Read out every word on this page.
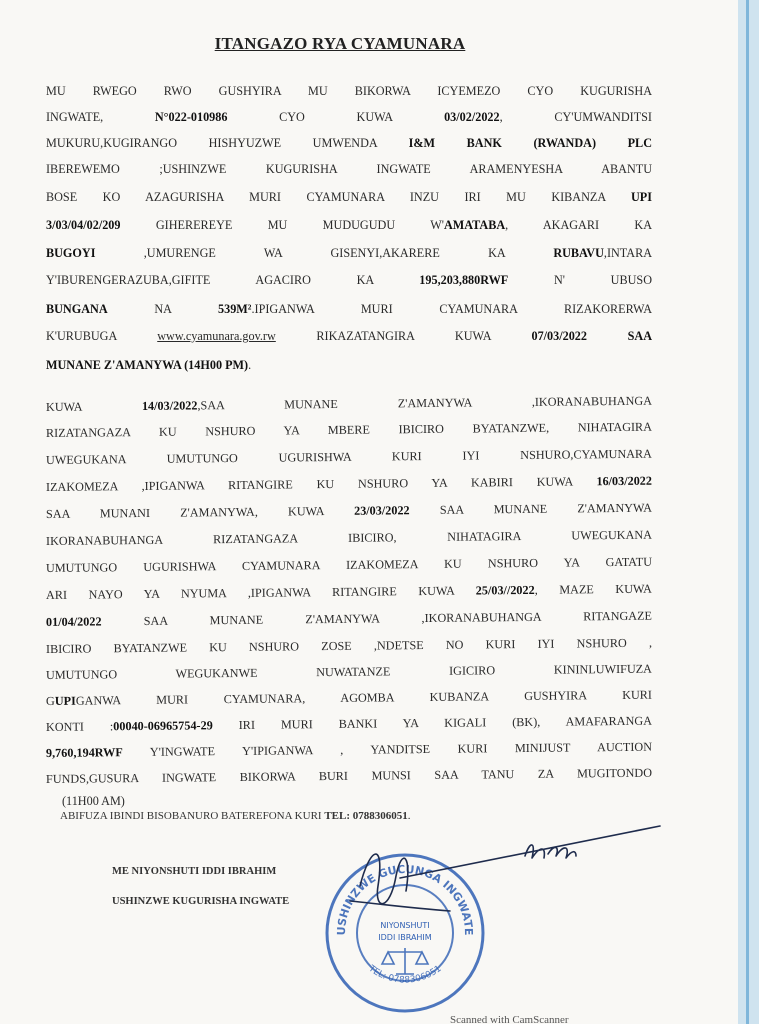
ITANGAZO RYA CYAMUNARA

MU RWEGO RWO GUSHYIRA MU BIKORWA ICYEMEZO CYO KUGURISHA

INGWATE, N°022-010986 CYO KUWA 03/02/2022, CY'UMWANDITSI

MUKURU,KUGIRANGO HISHYUZWE UMWENDA I&M BANK (RWANDA) PLC

IBEREWEMO ;USHINZWE KUGURISHA INGWATE ARAMENYESHA ABANTU

BOSE KO AZAGURISHA MURI CYAMUNARA INZU IRI MU KIBANZA UPI

3/03/04/02/209 GIHEREREYE MU MUDUGUDU W'AMATABA, AKAGARI KA

BUGOYI ,UMURENGE WA GISENYI,AKARERE KA RUBAVU,INTARA

Y'IBURENGERAZUBA,GIFITE AGACIRO KA 195,203,880RWF N' UBUSO

BUNGANA NA 539M².IPIGANWA MURI CYAMUNARA RIZAKORERWA

K'URUBUGA www.cyamunara.gov.rw RIKAZATANGIRA KUWA 07/03/2022 SAA

MUNANE Z'AMANYWA (14H00 PM).

KUWA 14/03/2022,SAA MUNANE Z'AMANYWA ,IKORANABUHANGA

RIZATANGAZA KU NSHURO YA MBERE IBICIRO BYATANZWE, NIHATAGIRA

UWEGUKANA UMUTUNGO UGURISHWA KURI IYI NSHURO,CYAMUNARA

IZAKOMEZA ,IPIGANWA RITANGIRE KU NSHURO YA KABIRI KUWA 16/03/2022

SAA MUNANI Z'AMANYWA, KUWA 23/03/2022 SAA MUNANE Z'AMANYWA

IKORANABUHANGA RIZATANGAZA IBICIRO, NIHATAGIRA UWEGUKANA

UMUTUNGO UGURISHWA CYAMUNARA IZAKOMEZA KU NSHURO YA GATATU

ARI NAYO YA NYUMA ,IPIGANWA RITANGIRE KUWA 25/03//2022, MAZE KUWA

01/04/2022 SAA MUNANE Z'AMANYWA ,IKORANABUHANGA RITANGAZE

IBICIRO BYATANZWE KU NSHURO ZOSE ,NDETSE NO KURI IYI NSHURO ,

UMUTUNGO WEGUKANWE NUWATANZE IGICIRO KININLUWIFUZA

GUPIGANWA MURI CYAMUNARA, AGOMBA KUBANZA GUSHYIRA KURI

KONTI :00040-06965754-29 IRI MURI BANKI YA KIGALI (BK), AMAFARANGA

9,760,194RWF Y'INGWATE Y'IPIGANWA , YANDITSE KURI MINIJUST AUCTION

FUNDS,GUSURA INGWATE BIKORWA BURI MUNSI SAA TANU ZA MUGITONDO

(11H00 AM)

ABIFUZA IBINDI BISOBANURO BATEREFONA KURI TEL: 0788306051.

ME NIYONSHUTI IDDI IBRAHIM

USHINZWE KUGURISHA INGWATE

USHINZWE GUCUNGA INGWATE
TEL: 0788306051
NIYONSHUTI
IDDI IBRAHIM

Scanned with CamScanner
